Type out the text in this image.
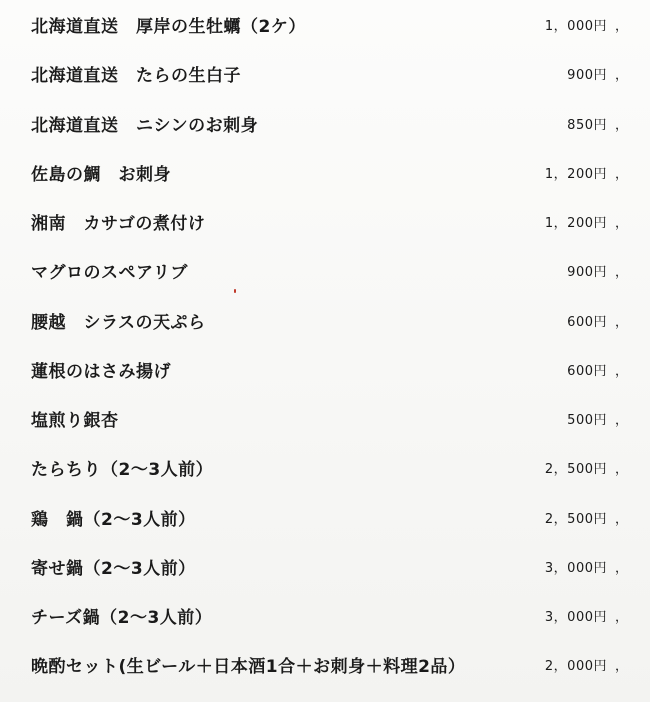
北海道直送　厚岸の生牡蠣（2ケ）	1，000円 ，
北海道直送　たらの生白子	900円 ，
北海道直送　ニシンのお刺身	850円 ，
佐島の鯛　お刺身	1，200円 ，
湘南　カサゴの煮付け	1，200円 ，
マグロのスペアリブ	900円 ，
腰越　シラスの天ぷら	600円 ，
蓮根のはさみ揚げ	600円 ，
塩煎り銀杏	500円 ，
たらちり（2～3人前）	2，500円 ，
鶏　鍋（2～3人前）	2，500円 ，
寄せ鍋（2～3人前）	3，000円 ，
チーズ鍋（2～3人前）	3，000円 ，
晩酌セット(生ビール＋日本酒1合＋お刺身＋料理2品）	2，000円 ，
